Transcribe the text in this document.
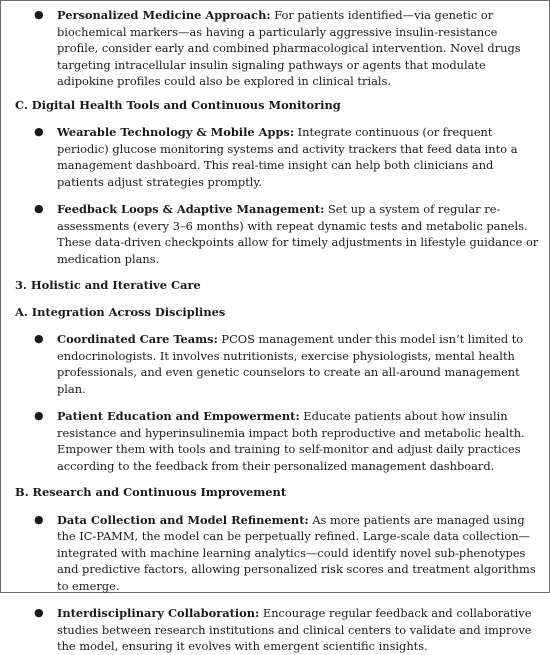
● Personalized Medicine Approach: For patients identified—via genetic or biochemical markers—as having a particularly aggressive insulin-resistance profile, consider early and combined pharmacological intervention. Novel drugs targeting intracellular insulin signaling pathways or agents that modulate adipokine profiles could also be explored in clinical trials.

C. Digital Health Tools and Continuous Monitoring

● Wearable Technology & Mobile Apps: Integrate continuous (or frequent periodic) glucose monitoring systems and activity trackers that feed data into a management dashboard. This real-time insight can help both clinicians and patients adjust strategies promptly.

● Feedback Loops & Adaptive Management: Set up a system of regular re-assessments (every 3–6 months) with repeat dynamic tests and metabolic panels. These data-driven checkpoints allow for timely adjustments in lifestyle guidance or medication plans.

3. Holistic and Iterative Care

A. Integration Across Disciplines

● Coordinated Care Teams: PCOS management under this model isn’t limited to endocrinologists. It involves nutritionists, exercise physiologists, mental health professionals, and even genetic counselors to create an all-around management plan.

● Patient Education and Empowerment: Educate patients about how insulin resistance and hyperinsulinemia impact both reproductive and metabolic health. Empower them with tools and training to self-monitor and adjust daily practices according to the feedback from their personalized management dashboard.

B. Research and Continuous Improvement

● Data Collection and Model Refinement: As more patients are managed using the IC-PAMM, the model can be perpetually refined. Large-scale data collection—integrated with machine learning analytics—could identify novel sub-phenotypes and predictive factors, allowing personalized risk scores and treatment algorithms to emerge.

● Interdisciplinary Collaboration: Encourage regular feedback and collaborative studies between research institutions and clinical centers to validate and improve the model, ensuring it evolves with emergent scientific insights.
